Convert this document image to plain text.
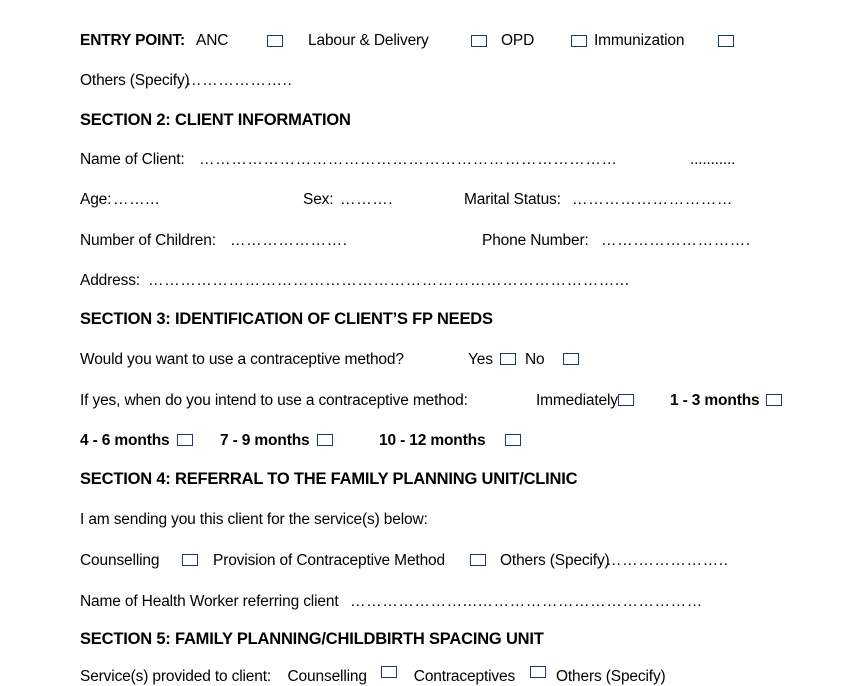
ENTRY POINT: ANC	Labour & Delivery	OPD	Immunization
Others (Specify)
………………..
SECTION 2: CLIENT INFORMATION
Name of Client: ……………………………………………………………………	...........
Age: ……...	Sex: ……….	Marital Status: …………………………
Number of Children: ………………….	Phone Number: ……………………….
Address: ……………………………………………………………………………...
SECTION 3: IDENTIFICATION OF CLIENT’S FP NEEDS
Would you want to use a contraceptive method?	Yes No
If yes, when do you intend to use a contraceptive method:	Immediately	1 - 3 months
4 - 6 months	7 - 9 months	10 - 12 months
SECTION 4: REFERRAL TO THE FAMILY PLANNING UNIT/CLINIC
I am sending you this client for the service(s) below:
Counselling	Provision of Contraceptive Method	Others (Specify)
…………………..
Name of Health Worker referring client …………………...……………………………………
SECTION 5: FAMILY PLANNING/CHILDBIRTH SPACING UNIT
Service(s) provided to client: Counselling	Contraceptives	Others (Specify)
